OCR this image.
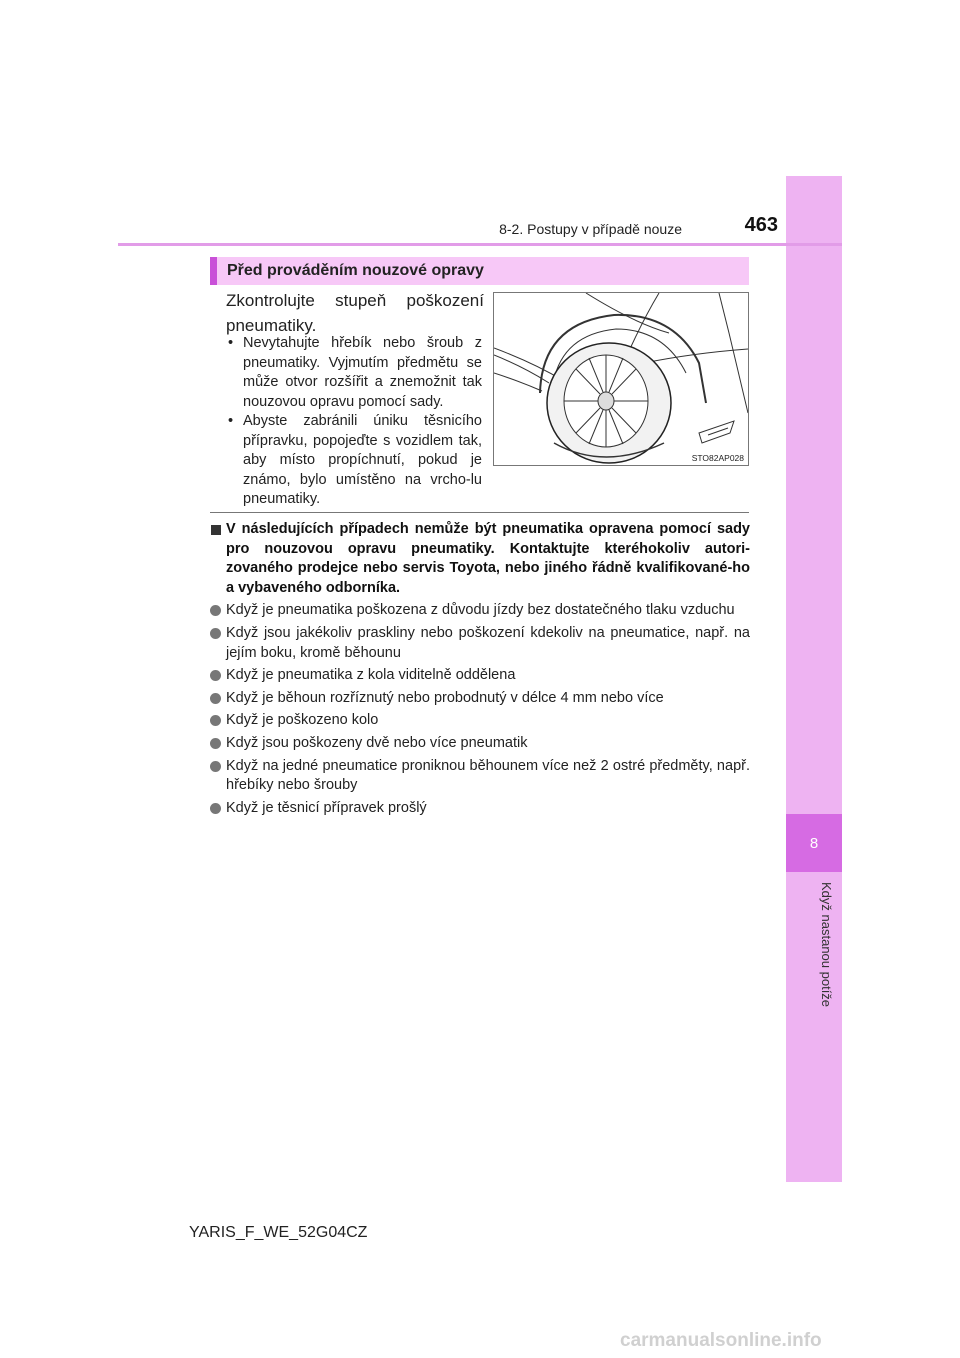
8
Když nastanou potíže
8-2. Postupy v případě nouze	463
Před prováděním nouzové opravy
Zkontrolujte stupeň poškození pneumatiky.
• Nevytahujte hřebík nebo šroub z pneumatiky. Vyjmutím předmětu se může otvor rozšířit a znemožnit tak nouzovou opravu pomocí sady.
• Abyste zabránili úniku těsnicího přípravku, popojeďte s vozidlem tak, aby místo propíchnutí, pokud je známo, bylo umístěno na vrcho-lu pneumatiky.
STO82AP028
V následujících případech nemůže být pneumatika opravena pomocí sady pro nouzovou opravu pneumatiky. Kontaktujte kteréhokoliv autori-zovaného prodejce nebo servis Toyota, nebo jiného řádně kvalifikované-ho a vybaveného odborníka.
Když je pneumatika poškozena z důvodu jízdy bez dostatečného tlaku vzduchu
Když jsou jakékoliv praskliny nebo poškození kdekoliv na pneumatice, např. na jejím boku, kromě běhounu
Když je pneumatika z kola viditelně oddělena
Když je běhoun rozříznutý nebo probodnutý v délce 4 mm nebo více
Když je poškozeno kolo
Když jsou poškozeny dvě nebo více pneumatik
Když na jedné pneumatice proniknou běhounem více než 2 ostré předměty, např. hřebíky nebo šrouby
Když je těsnicí přípravek prošlý
YARIS_F_WE_52G04CZ
carmanualsonline.info
